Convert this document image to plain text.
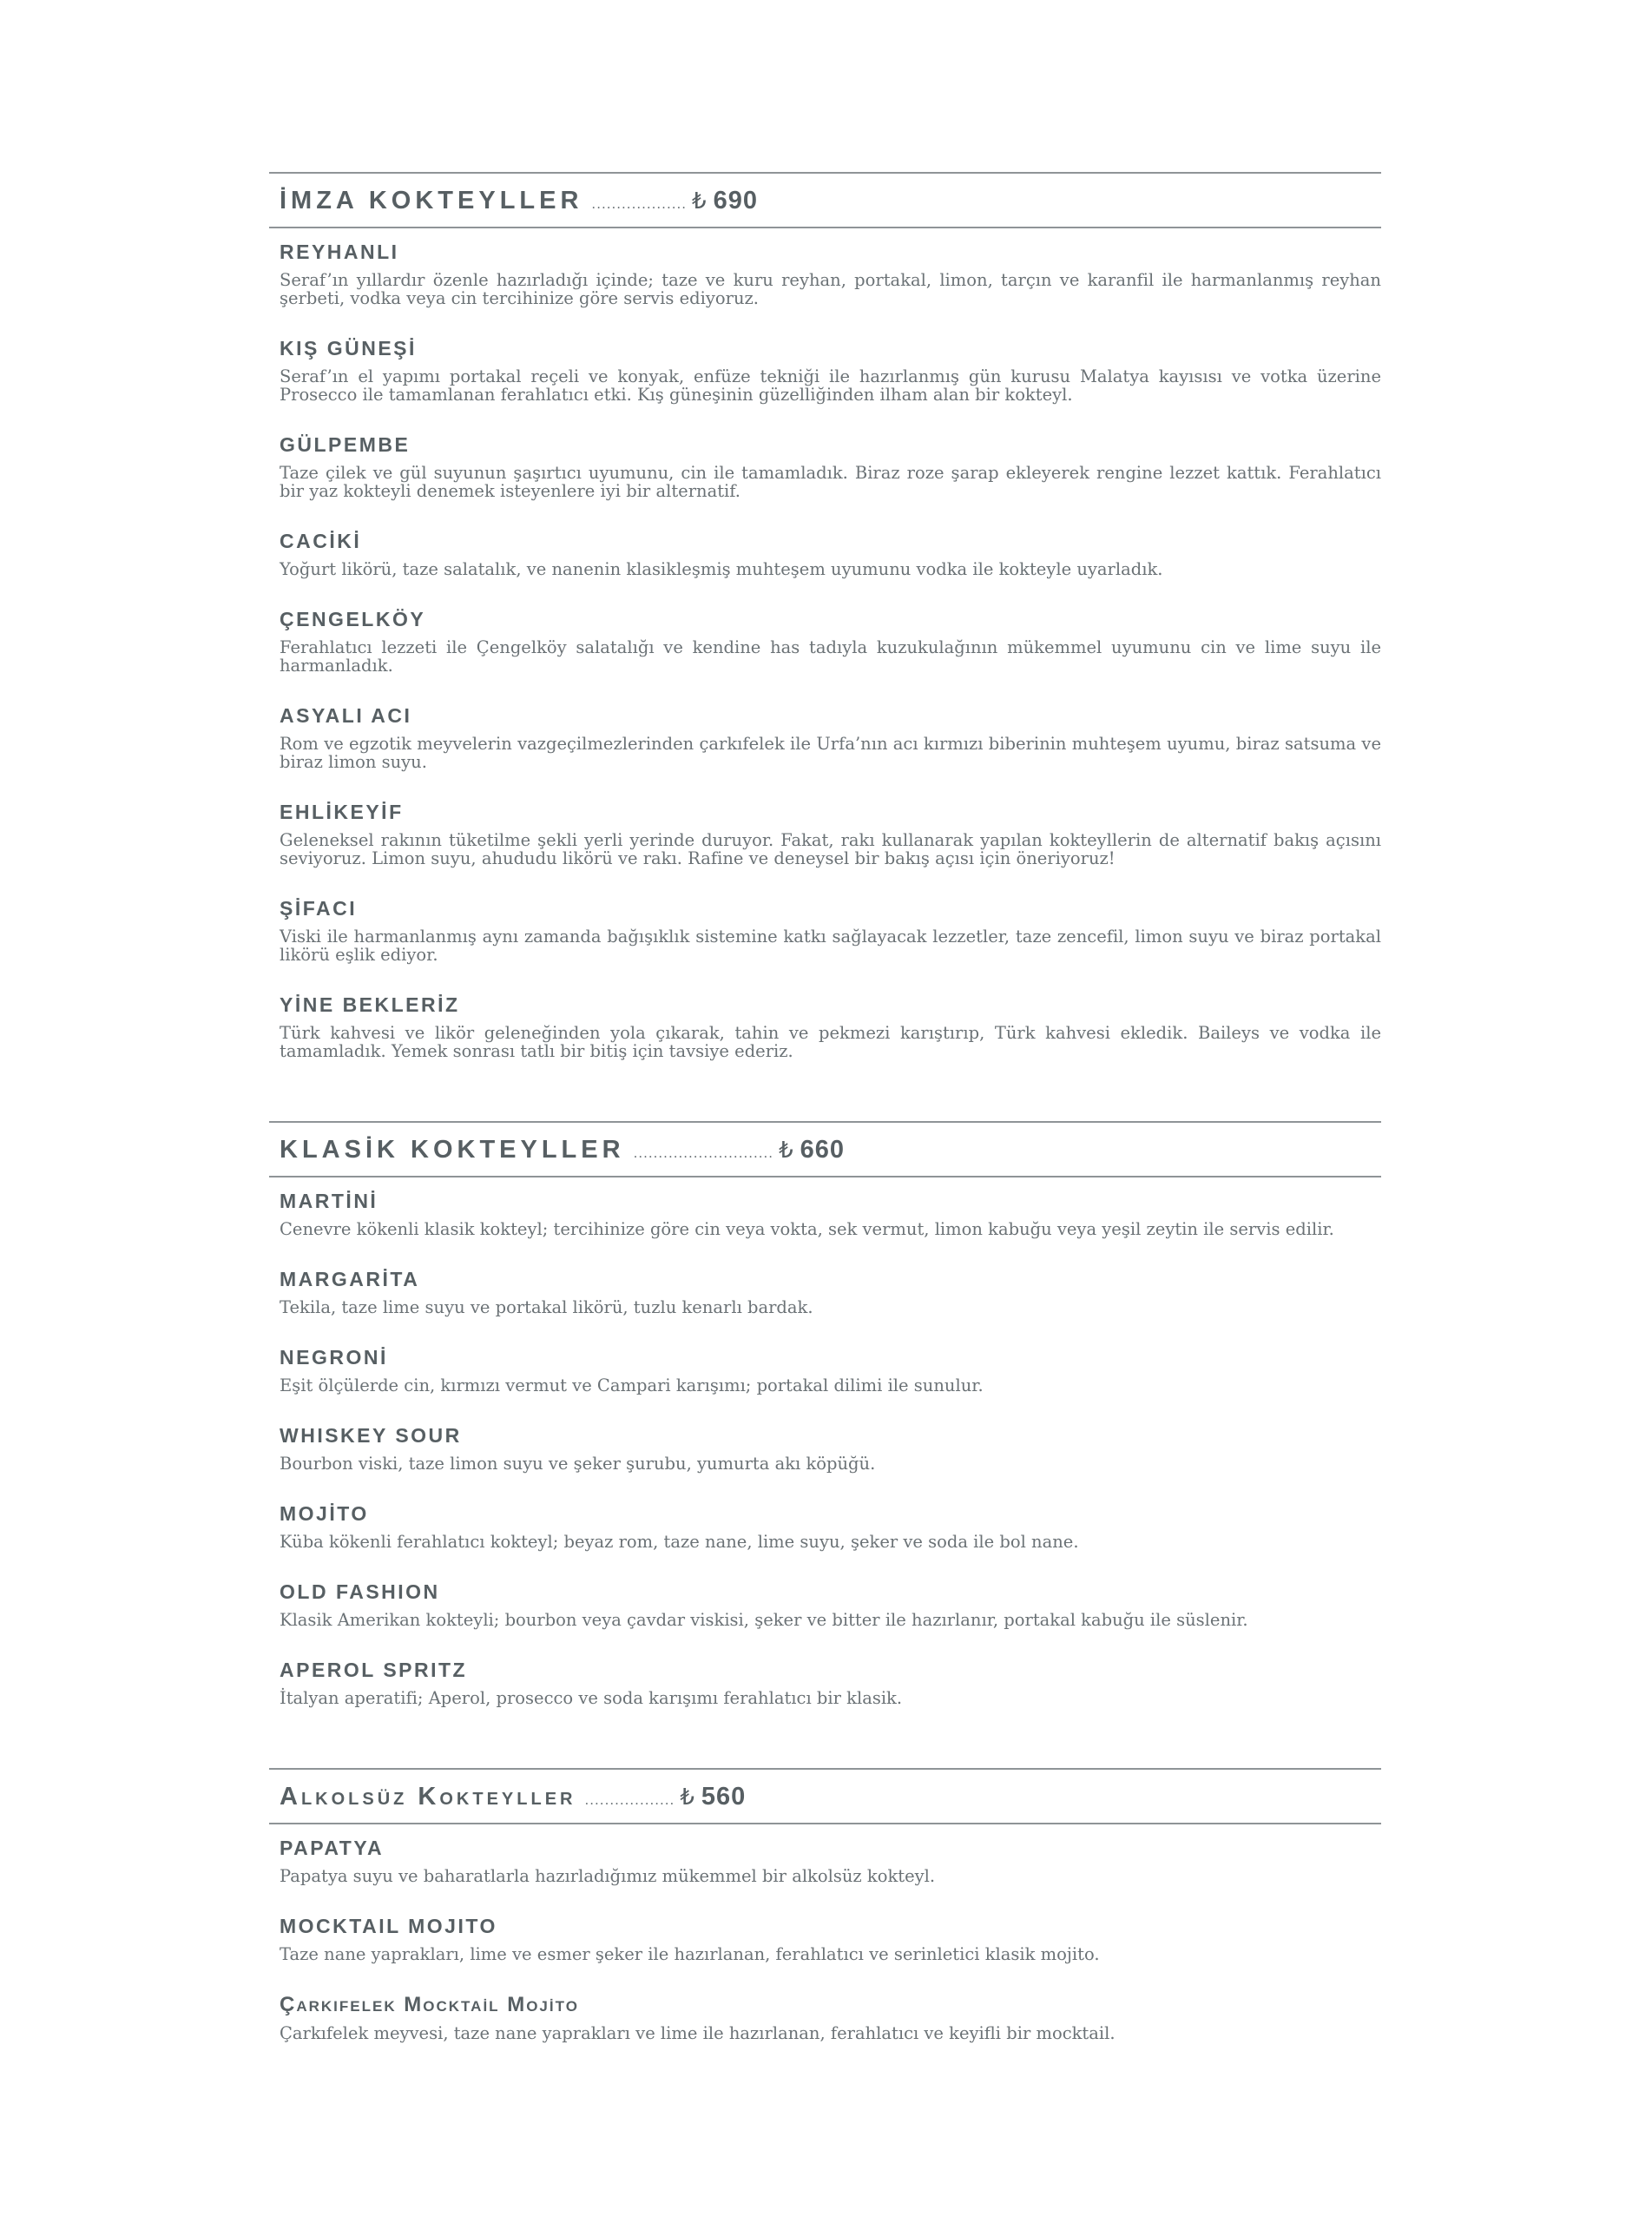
İMZA KOKTEYLLER ................... ₺ 690
REYHANLI

Seraf’ın yıllardır özenle hazırladığı içinde; taze ve kuru reyhan, portakal, limon, tarçın ve karanfil ile harmanlanmış reyhan şerbeti, vodka veya cin tercihinize göre servis ediyoruz.

KIŞ GÜNEŞİ

Seraf’ın el yapımı portakal reçeli ve konyak, enfüze tekniği ile hazırlanmış gün kurusu Malatya kayısısı ve votka üzerine Prosecco ile tamamlanan ferahlatıcı etki. Kış güneşinin güzelliğinden ilham alan bir kokteyl.

GÜLPEMBE

Taze çilek ve gül suyunun şaşırtıcı uyumunu, cin ile tamamladık. Biraz roze şarap ekleyerek rengine lezzet kattık. Ferahlatıcı bir yaz kokteyli denemek isteyenlere iyi bir alternatif.

CACİKİ

Yoğurt likörü, taze salatalık, ve nanenin klasikleşmiş muhteşem uyumunu vodka ile kokteyle uyarladık.

ÇENGELKÖY

Ferahlatıcı lezzeti ile Çengelköy salatalığı ve kendine has tadıyla kuzukulağının mükemmel uyumunu cin ve lime suyu ile harmanladık.

ASYALI ACI

Rom ve egzotik meyvelerin vazgeçilmezlerinden çarkıfelek ile Urfa’nın acı kırmızı biberinin muhteşem uyumu, biraz satsuma ve biraz limon suyu.

EHLİKEYİF

Geleneksel rakının tüketilme şekli yerli yerinde duruyor. Fakat, rakı kullanarak yapılan kokteyllerin de alternatif bakış açısını seviyoruz. Limon suyu, ahududu likörü ve rakı. Rafine ve deneysel bir bakış açısı için öneriyoruz!

ŞİFACI

Viski ile harmanlanmış aynı zamanda bağışıklık sistemine katkı sağlayacak lezzetler, taze zencefil, limon suyu ve biraz portakal likörü eşlik ediyor.

YİNE BEKLERİZ

Türk kahvesi ve likör geleneğinden yola çıkarak, tahin ve pekmezi karıştırıp, Türk kahvesi ekledik. Baileys ve vodka ile tamamladık. Yemek sonrası tatlı bir bitiş için tavsiye ederiz.

KLASİK KOKTEYLLER ............................ ₺ 660
MARTİNİ

Cenevre kökenli klasik kokteyl; tercihinize göre cin veya vokta, sek vermut, limon kabuğu veya yeşil zeytin ile servis edilir.

MARGARİTA

Tekila, taze lime suyu ve portakal likörü, tuzlu kenarlı bardak.

NEGRONİ

Eşit ölçülerde cin, kırmızı vermut ve Campari karışımı; portakal dilimi ile sunulur.

WHISKEY SOUR

Bourbon viski, taze limon suyu ve şeker şurubu, yumurta akı köpüğü.

MOJİTO

Küba kökenli ferahlatıcı kokteyl; beyaz rom, taze nane, lime suyu, şeker ve soda ile bol nane.

OLD FASHION

Klasik Amerikan kokteyli; bourbon veya çavdar viskisi, şeker ve bitter ile hazırlanır, portakal kabuğu ile süslenir.

APEROL SPRITZ

İtalyan aperatifi; Aperol, prosecco ve soda karışımı ferahlatıcı bir klasik.

Alkolsüz Kokteyller .................. ₺ 560
PAPATYA

Papatya suyu ve baharatlarla hazırladığımız mükemmel bir alkolsüz kokteyl.

MOCKTAIL MOJITO

Taze nane yaprakları, lime ve esmer şeker ile hazırlanan, ferahlatıcı ve serinletici klasik mojito.

Çarkıfelek Mocktail Mojito

Çarkıfelek meyvesi, taze nane yaprakları ve lime ile hazırlanan, ferahlatıcı ve keyifli bir mocktail.
